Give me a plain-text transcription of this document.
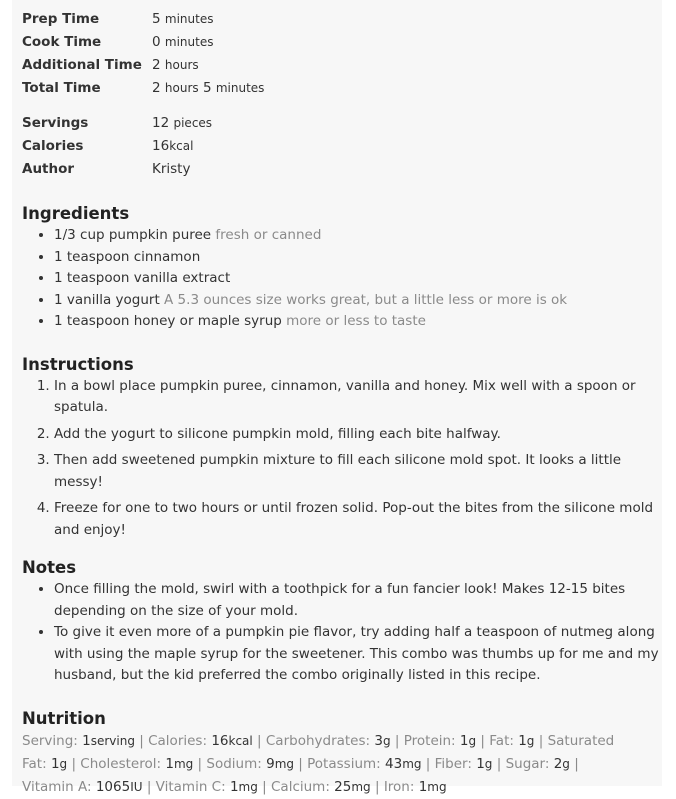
Prep Time	5 minutes
Cook Time	0 minutes
Additional Time 2 hours
Total Time	2 hours 5 minutes
Servings	12 pieces
Calories	16kcal
Author	Kristy
Ingredients
• 1/3 cup pumpkin puree fresh or canned
• 1 teaspoon cinnamon
• 1 teaspoon vanilla extract
• 1 vanilla yogurt A 5.3 ounces size works great, but a little less or more is ok
• 1 teaspoon honey or maple syrup more or less to taste
Instructions
1. In a bowl place pumpkin puree, cinnamon, vanilla and honey. Mix well with a spoon or spatula.
2. Add the yogurt to silicone pumpkin mold, filling each bite halfway.
3. Then add sweetened pumpkin mixture to fill each silicone mold spot. It looks a little messy!
4. Freeze for one to two hours or until frozen solid. Pop-out the bites from the silicone mold and enjoy!
Notes
• Once filling the mold, swirl with a toothpick for a fun fancier look! Makes 12-15 bites depending on the size of your mold.
• To give it even more of a pumpkin pie flavor, try adding half a teaspoon of nutmeg along with using the maple syrup for the sweetener. This combo was thumbs up for me and my husband, but the kid preferred the combo originally listed in this recipe.
Nutrition
Serving: 1serving | Calories: 16kcal | Carbohydrates: 3g | Protein: 1g | Fat: 1g | Saturated Fat: 1g | Cholesterol: 1mg | Sodium: 9mg | Potassium: 43mg | Fiber: 1g | Sugar: 2g | Vitamin A: 1065IU | Vitamin C: 1mg | Calcium: 25mg | Iron: 1mg
